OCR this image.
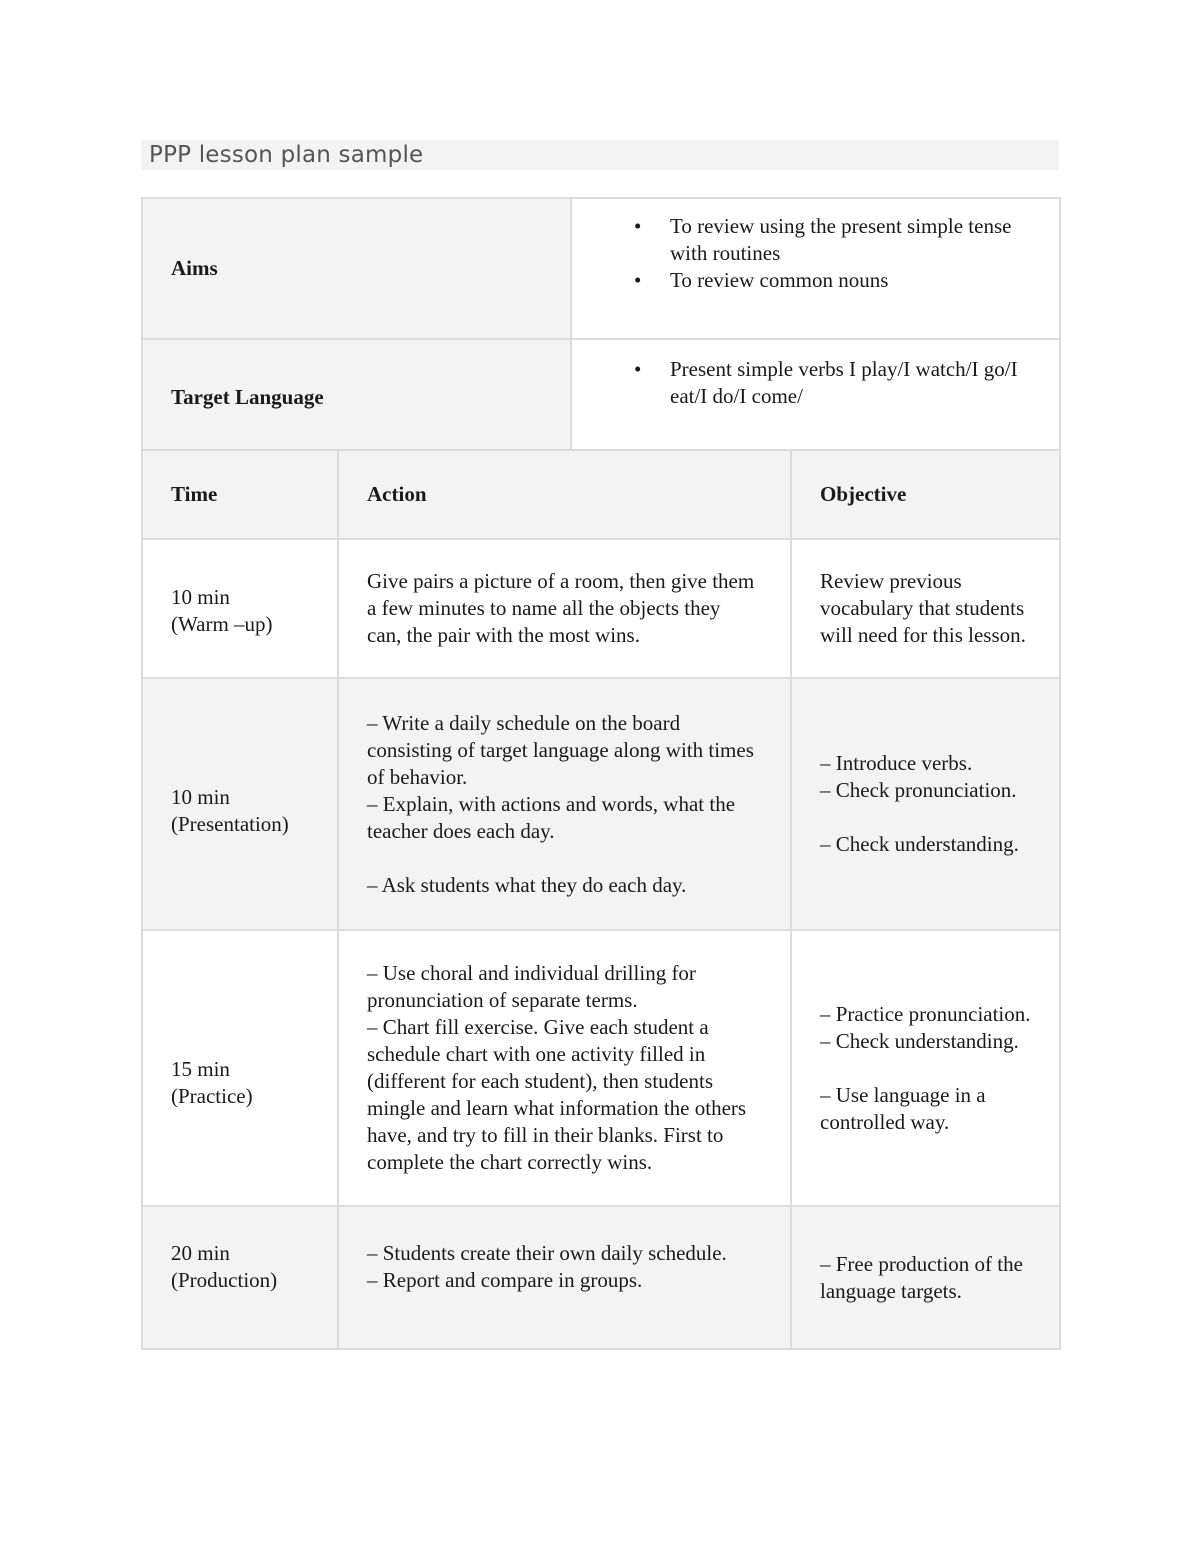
PPP lesson plan sample
Aims
• To review using the present simple tense with routines
• To review common nouns
Target Language
• Present simple verbs I play/I watch/I go/I eat/I do/I come/
Time	Action	Objective
10 min
(Warm –up)
Give pairs a picture of a room, then give them a few minutes to name all the objects they can, the pair with the most wins.
Review previous vocabulary that students will need for this lesson.
10 min
(Presentation)
– Write a daily schedule on the board consisting of target language along with times of behavior.
– Explain, with actions and words, what the teacher does each day.
– Ask students what they do each day.
– Introduce verbs.
– Check pronunciation.
– Check understanding.
15 min
(Practice)
– Use choral and individual drilling for pronunciation of separate terms.
– Chart fill exercise. Give each student a schedule chart with one activity filled in (different for each student), then students mingle and learn what information the others have, and try to fill in their blanks. First to complete the chart correctly wins.
– Practice pronunciation.
– Check understanding.
– Use language in a controlled way.
20 min
(Production)
– Students create their own daily schedule.
– Report and compare in groups.
– Free production of the language targets.
